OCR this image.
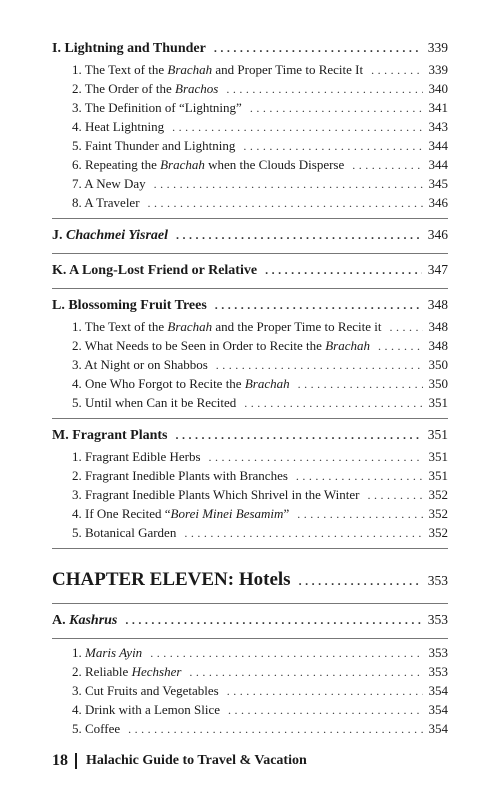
I. Lightning and Thunder .....	339
1. The Text of the Brachah and Proper Time to Recite It .....	339
2. The Order of the Brachos .....	340
3. The Definition of “Lightning” .....	341
4. Heat Lightning .....	343
5. Faint Thunder and Lightning .....	344
6. Repeating the Brachah when the Clouds Disperse .....	344
7. A New Day .....	345
8. A Traveler .....	346
J. Chachmei Yisrael .....	346
K. A Long-Lost Friend or Relative .....	347
L. Blossoming Fruit Trees .....	348
1. The Text of the Brachah and the Proper Time to Recite it .....	348
2. What Needs to be Seen in Order to Recite the Brachah .....	348
3. At Night or on Shabbos .....	350
4. One Who Forgot to Recite the Brachah .....	350
5. Until when Can it be Recited .....	351
M. Fragrant Plants .....	351
1. Fragrant Edible Herbs .....	351
2. Fragrant Inedible Plants with Branches .....	351
3. Fragrant Inedible Plants Which Shrivel in the Winter .....	352
4. If One Recited “Borei Minei Besamim” .....	352
5. Botanical Garden .....	352
CHAPTER ELEVEN: Hotels .....	353
A. Kashrus .....	353
1. Maris Ayin .....	353
2. Reliable Hechsher .....	353
3. Cut Fruits and Vegetables .....	354
4. Drink with a Lemon Slice .....	354
5. Coffee .....	354
18 Halachic Guide to Travel & Vacation
